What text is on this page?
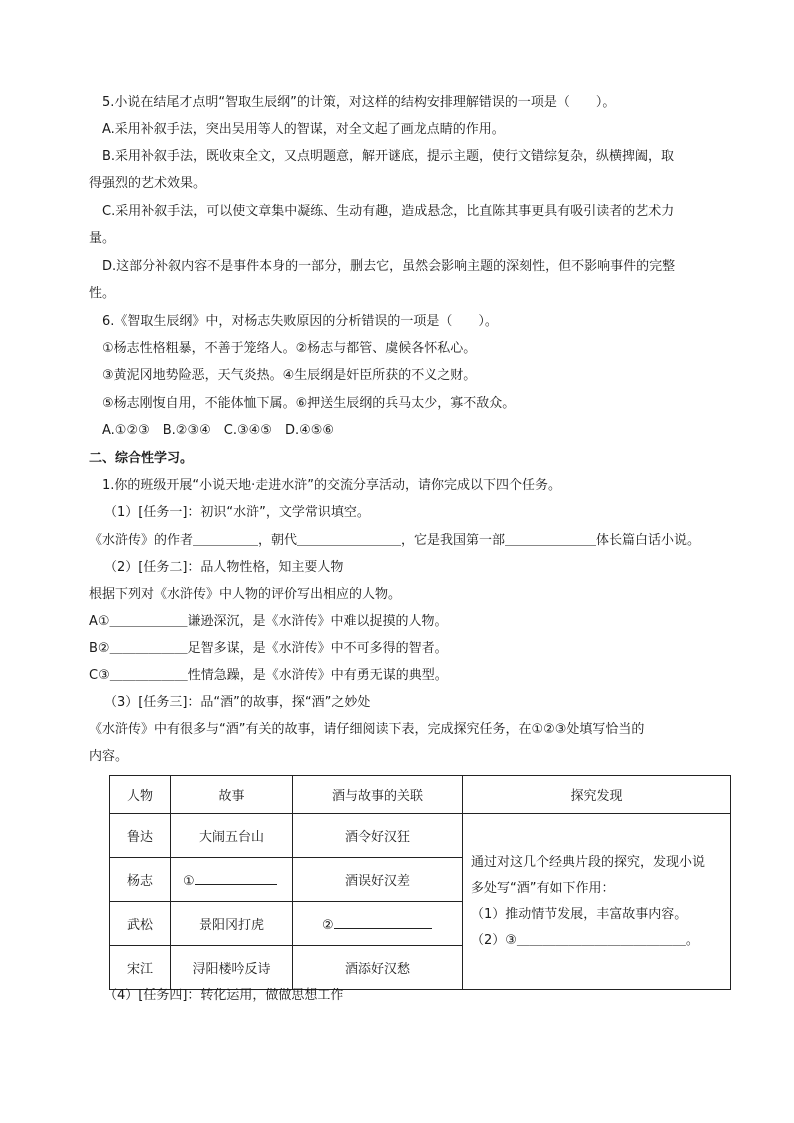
5.小说在结尾才点明“智取生辰纲”的计策，对这样的结构安排理解错误的一项是（　　）。
A.采用补叙手法，突出吴用等人的智谋，对全文起了画龙点睛的作用。
B.采用补叙手法，既收束全文，又点明题意，解开谜底，提示主题，使行文错综复杂，纵横捭阖，取
得强烈的艺术效果。
C.采用补叙手法，可以使文章集中凝练、生动有趣，造成悬念，比直陈其事更具有吸引读者的艺术力
量。
D.这部分补叙内容不是事件本身的一部分，删去它，虽然会影响主题的深刻性，但不影响事件的完整
性。
6.《智取生辰纲》中，对杨志失败原因的分析错误的一项是（　　）。
①杨志性格粗暴，不善于笼络人。②杨志与都管、虞候各怀私心。
③黄泥冈地势险恶，天气炎热。④生辰纲是奸臣所获的不义之财。
⑤杨志刚愎自用，不能体恤下属。⑥押送生辰纲的兵马太少，寡不敌众。
A.①②③　B.②③④　C.③④⑤　D.④⑤⑥
二、综合性学习。
1.你的班级开展“小说天地·走进水浒”的交流分享活动，请你完成以下四个任务。
（1）[任务一]：初识“水浒”，文学常识填空。
《水浒传》的作者＿＿＿＿＿，朝代＿＿＿＿＿＿＿＿，它是我国第一部＿＿＿＿＿＿＿体长篇白话小说。
（2）[任务二]：品人物性格，知主要人物
根据下列对《水浒传》中人物的评价写出相应的人物。
A①＿＿＿＿＿＿谦逊深沉，是《水浒传》中难以捉摸的人物。
B②＿＿＿＿＿＿足智多谋，是《水浒传》中不可多得的智者。
C③＿＿＿＿＿＿性情急躁，是《水浒传》中有勇无谋的典型。
（3）[任务三]：品“酒”的故事，探“酒”之妙处
《水浒传》中有很多与“酒”有关的故事，请仔细阅读下表，完成探究任务，在①②③处填写恰当的
内容。
人物	故事	酒与故事的关联	探究发现
鲁达	大闹五台山	酒令好汉狂	通过对这几个经典片段的探究，发现小说
多处写“酒”有如下作用：
（1）推动情节发展，丰富故事内容。
（2）③＿＿＿＿＿＿＿＿＿＿＿＿＿。

杨志	①	酒误好汉差	
武松	景阳冈打虎	②	
宋江	浔阳楼吟反诗	酒添好汉愁	
（4）[任务四]：转化运用，做做思想工作
